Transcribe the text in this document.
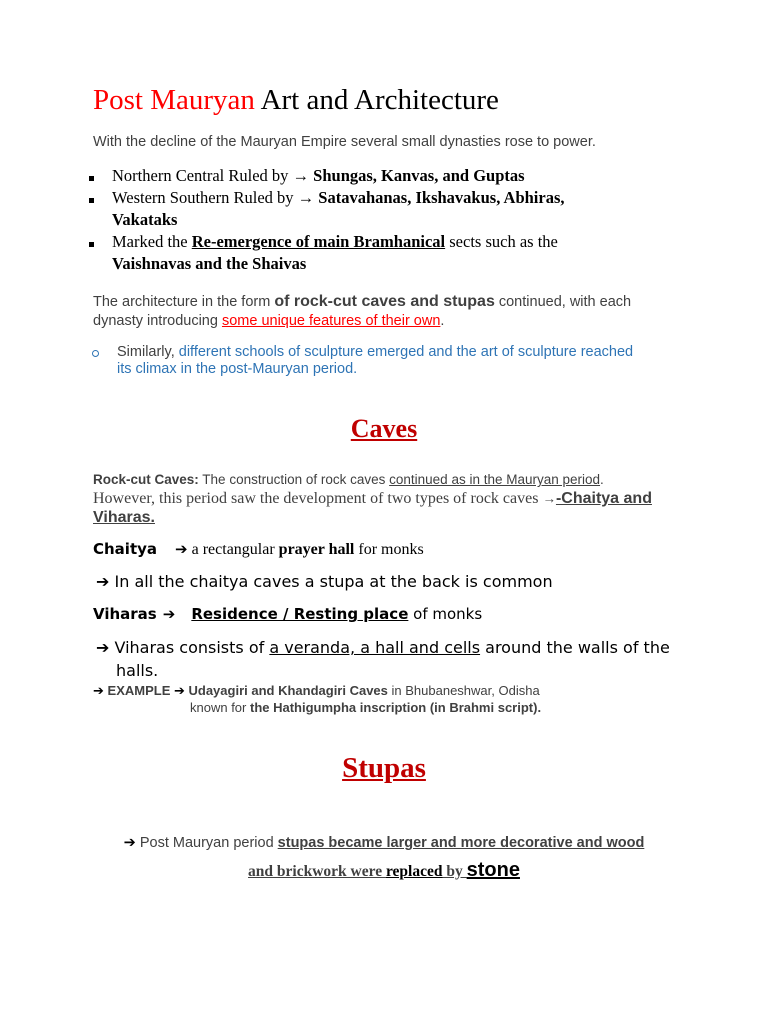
Post Mauryan Art and Architecture
With the decline of the Mauryan Empire several small dynasties rose to power.
Northern Central Ruled by → Shungas, Kanvas, and Guptas
Western Southern Ruled by → Satavahanas, Ikshavakus, Abhiras,
Vakataks
Marked the Re-emergence of main Bramhanical sects such as the
Vaishnavas and the Shaivas
The architecture in the form of rock-cut caves and stupas continued, with each dynasty introducing some unique features of their own.
Similarly, different schools of sculpture emerged and the art of sculpture reached its climax in the post-Mauryan period.
Caves
Rock-cut Caves: The construction of rock caves continued as in the Mauryan period.
However, this period saw the development of two types of rock caves →-Chaitya and Viharas.
Chaitya ➔ a rectangular prayer hall for monks
➔ In all the chaitya caves a stupa at the back is common
Viharas ➔ Residence / Resting place of monks
➔ Viharas consists of a veranda, a hall and cells around the walls of the
halls.
➔ EXAMPLE ➔ Udayagiri and Khandagiri Caves in Bhubaneshwar, Odisha
known for the Hathigumpha inscription (in Brahmi script).
Stupas
➔ Post Mauryan period stupas became larger and more decorative and wood
and brickwork were replaced by stone
